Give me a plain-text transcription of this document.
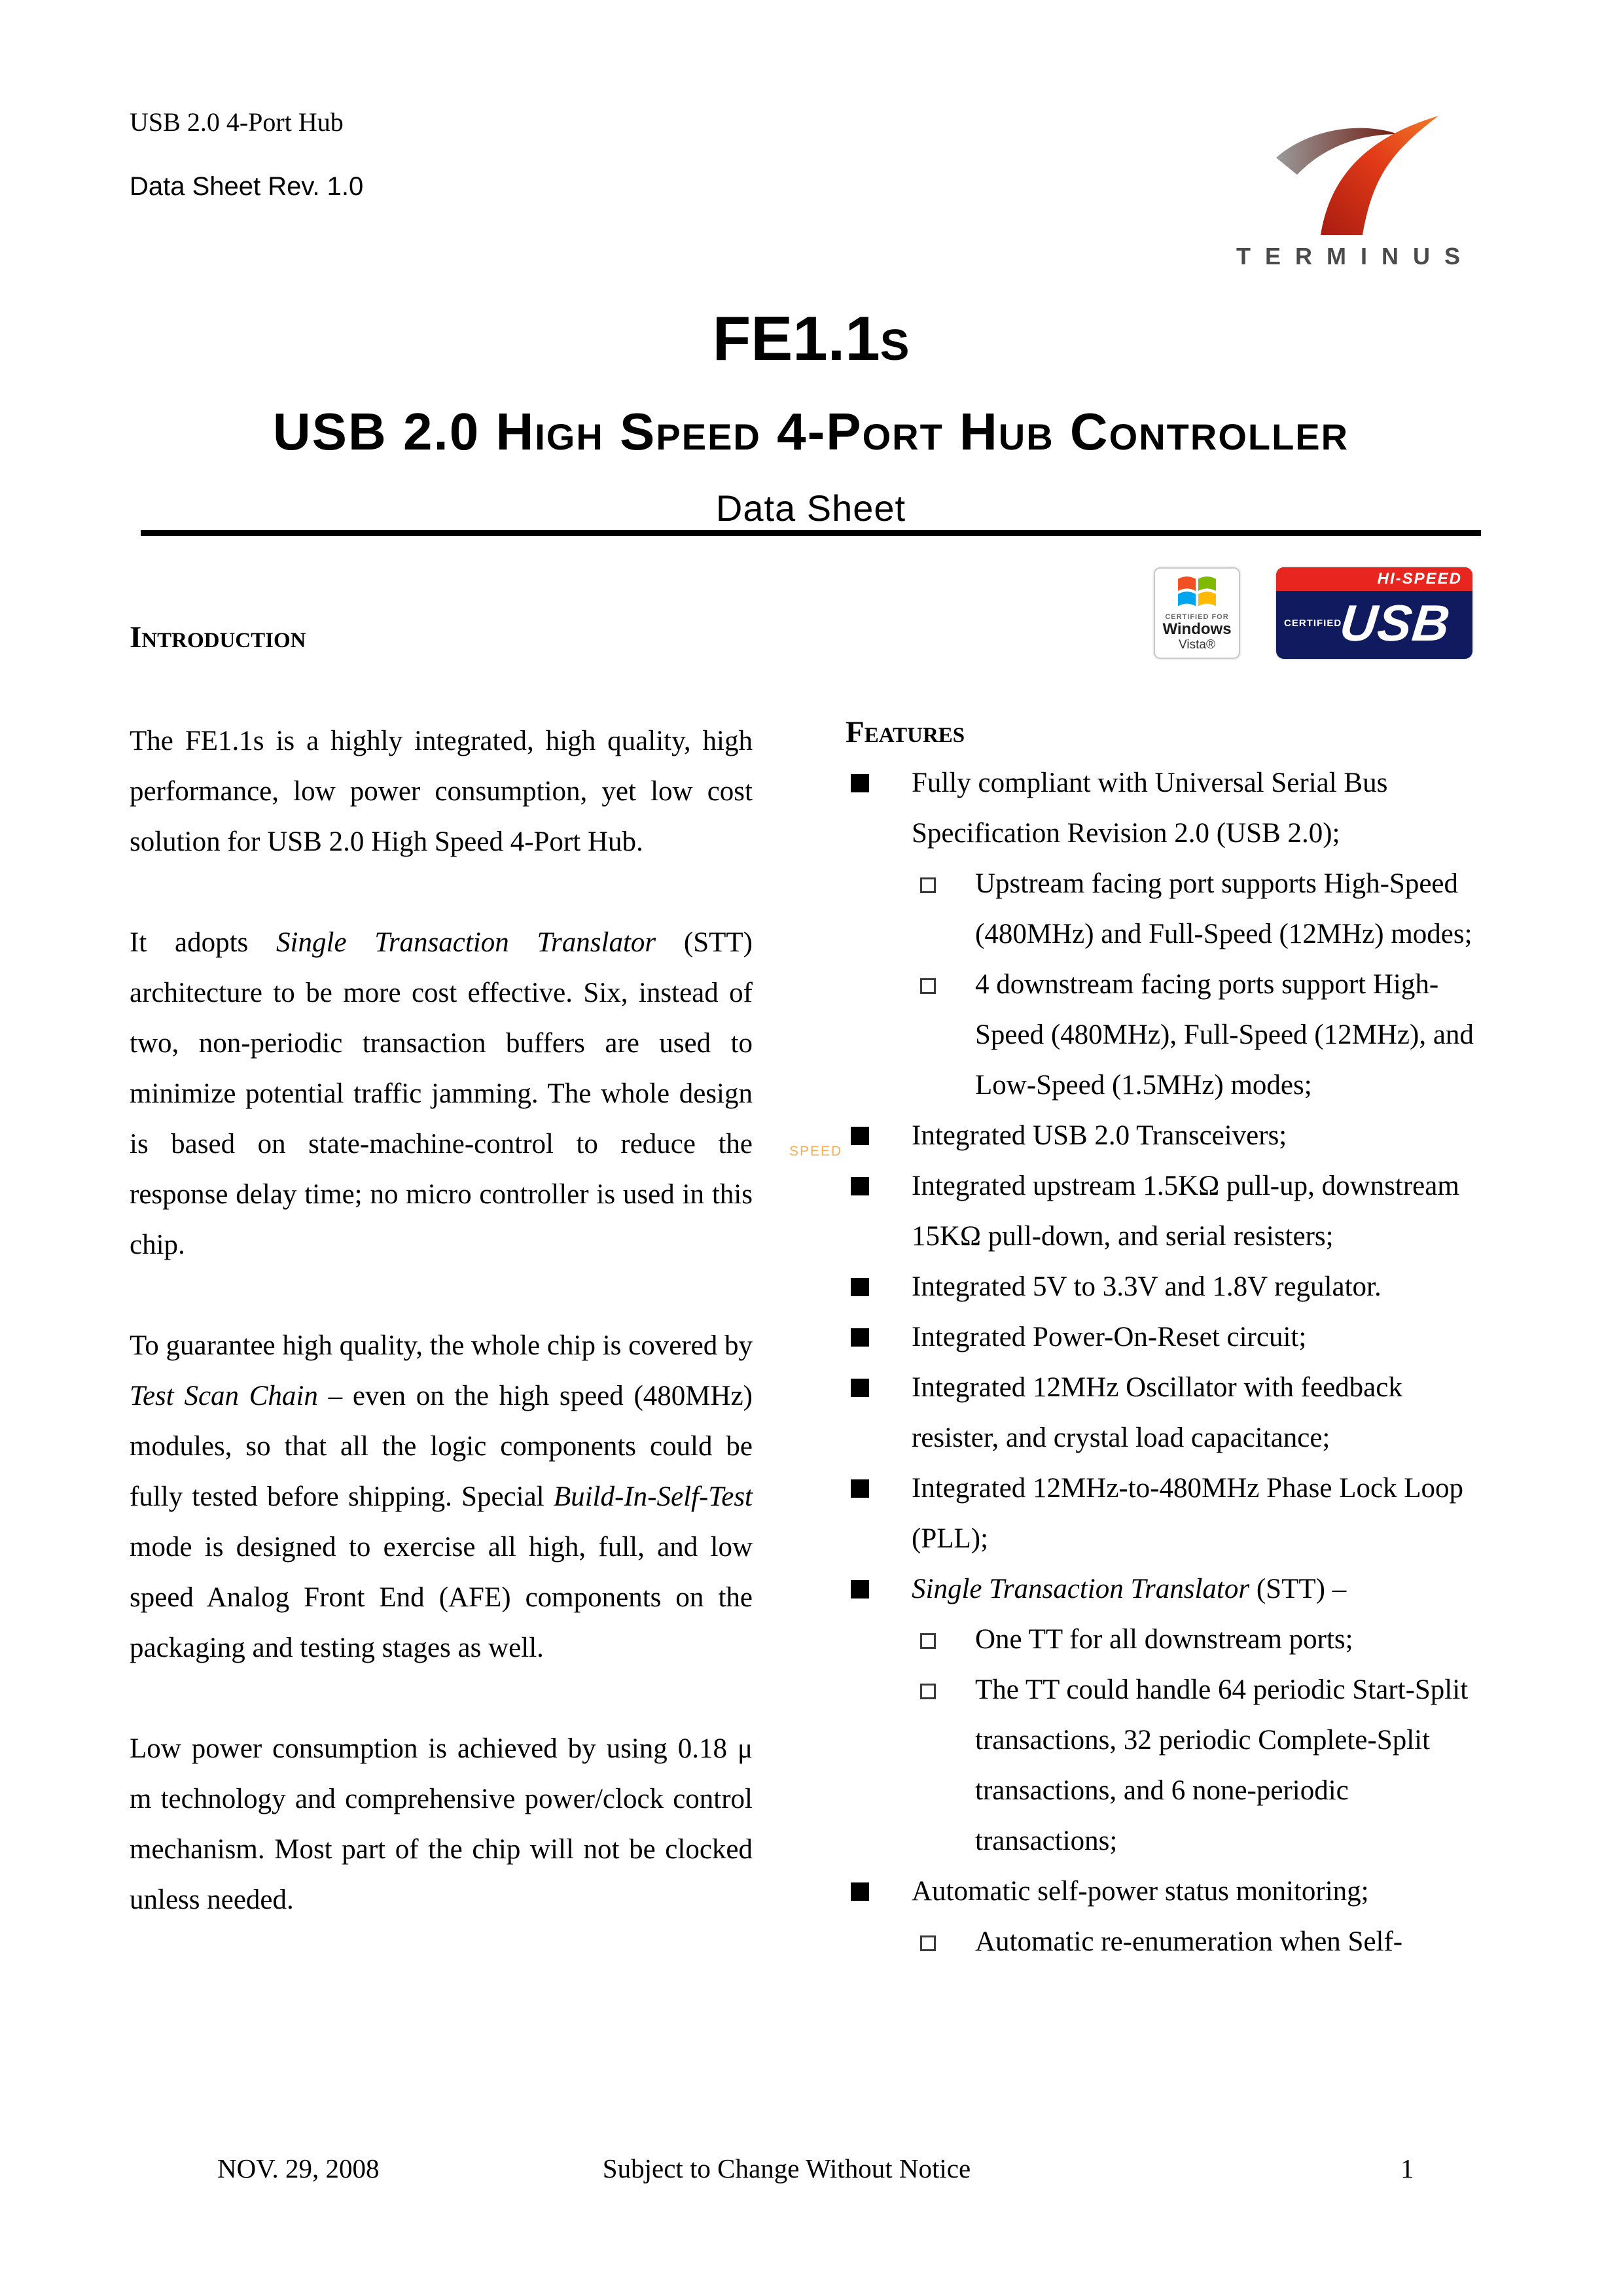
USB 2.0 4-Port Hub
Data Sheet Rev. 1.0
TERMINUS
FE1.1s
USB 2.0 High Speed 4-Port Hub Controller
Data Sheet
Introduction
CERTIFIED FOR
Windows
Vista®
HI-SPEED
CERTIFIED
USB

The FE1.1s is a highly integrated, high quality, high performance, low power consumption, yet low cost solution for USB 2.0 High Speed 4-Port Hub.

It adopts Single Transaction Translator (STT) architecture to be more cost effective. Six, instead of two, non-periodic transaction buffers are used to minimize potential traffic jamming. The whole design is based on state-machine-control to reduce the response delay time; no micro controller is used in this chip.

To guarantee high quality, the whole chip is covered by Test Scan Chain – even on the high speed (480MHz) modules, so that all the logic components could be fully tested before shipping. Special Build-In-Self-Test mode is designed to exercise all high, full, and low speed Analog Front End (AFE) components on the packaging and testing stages as well.

Low power consumption is achieved by using 0.18 μ m technology and comprehensive power/clock control mechanism. Most part of the chip will not be clocked unless needed.

Features
Fully compliant with Universal Serial Bus Specification Revision 2.0 (USB 2.0);
Upstream facing port supports High-Speed (480MHz) and Full-Speed (12MHz) modes;
4 downstream facing ports support High-Speed (480MHz), Full-Speed (12MHz), and Low-Speed (1.5MHz) modes;
Integrated USB 2.0 Transceivers;
Integrated upstream 1.5KΩ pull-up, downstream 15KΩ pull-down, and serial resisters;
Integrated 5V to 3.3V and 1.8V regulator.
Integrated Power-On-Reset circuit;
Integrated 12MHz Oscillator with feedback resister, and crystal load capacitance;
Integrated 12MHz-to-480MHz Phase Lock Loop (PLL);
Single Transaction Translator (STT) –
One TT for all downstream ports;
The TT could handle 64 periodic Start-Split transactions, 32 periodic Complete-Split transactions, and 6 none-periodic transactions;
Automatic self-power status monitoring;
Automatic re-enumeration when Self-
SPEED
NOV. 29, 2008	Subject to Change Without Notice	1
